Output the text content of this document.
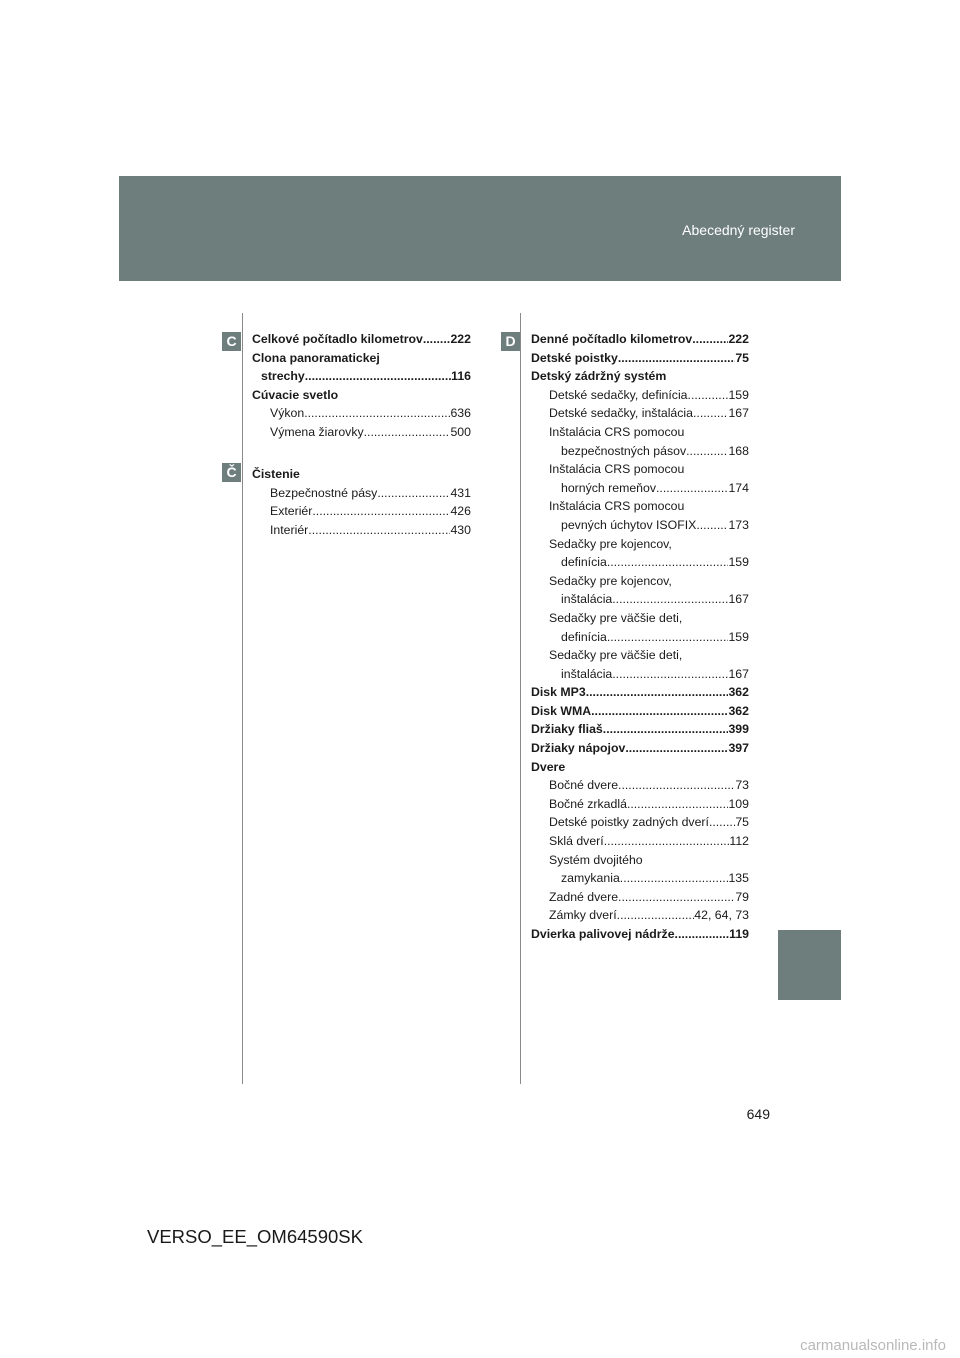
Abecedný register
C
Č
D
Celkové počítadlo kilometrov ..... 222
Clona panoramatickej
strechy .....	116
Cúvacie svetlo
Výkon .....	636
Výmena žiarovky .....	500
Čistenie
Bezpečnostné pásy .....	431
Exteriér .....	426
Interiér .....	430
Denné počítadlo kilometrov .....	222
Detské poistky .....	75
Detský zádržný systém
Detské sedačky, definícia .....	159
Detské sedačky, inštalácia .....	167
Inštalácia CRS pomocou
bezpečnostných pásov .....	168
Inštalácia CRS pomocou
horných remeňov .....	174
Inštalácia CRS pomocou
pevných úchytov ISOFIX .....	173
Sedačky pre kojencov,
definícia .....	159
Sedačky pre kojencov,
inštalácia .....	167
Sedačky pre väčšie deti,
definícia .....	159
Sedačky pre väčšie deti,
inštalácia .....	167
Disk MP3 .....	362
Disk WMA .....	362
Držiaky fliaš .....	399
Držiaky nápojov .....	397
Dvere
Bočné dvere .....	73
Bočné zrkadlá .....	109
Detské poistky zadných dverí ..... 75
Sklá dverí .....	112
Systém dvojitého
zamykania .....	135
Zadné dvere .....	79
Zámky dverí .....	42, 64, 73
Dvierka palivovej nádrže .....	119
649
VERSO_EE_OM64590SK
carmanualsonline.info
